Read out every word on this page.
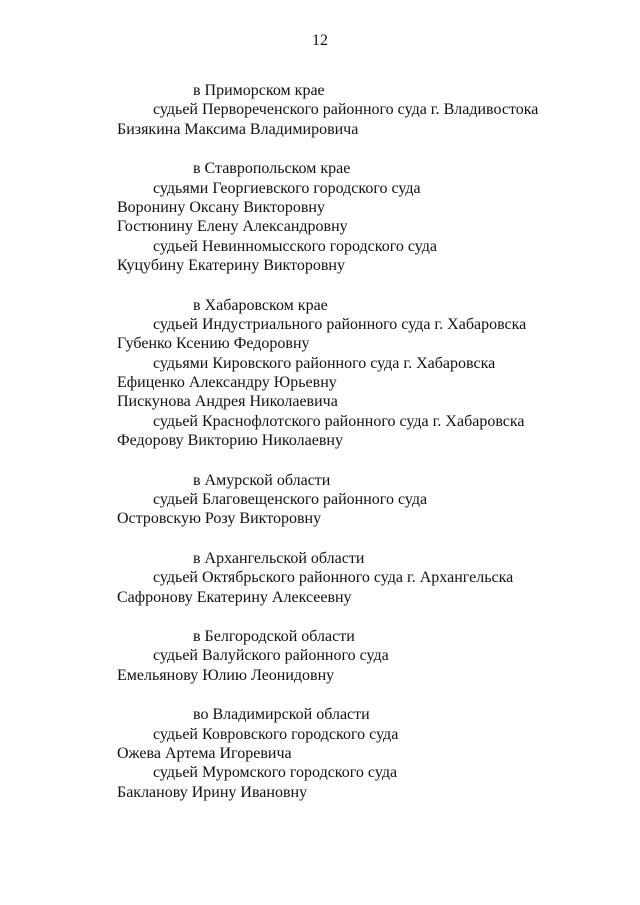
12
в Приморском крае
судьей Первореченского районного суда г. Владивостока
Бизякина Максима Владимировича
в Ставропольском крае
судьями Георгиевского городского суда
Воронину Оксану Викторовну
Гостюнину Елену Александровну
судьей Невинномысского городского суда
Куцубину Екатерину Викторовну
в Хабаровском крае
судьей Индустриального районного суда г. Хабаровска
Губенко Ксению Федоровну
судьями Кировского районного суда г. Хабаровска
Ефиценко Александру Юрьевну
Пискунова Андрея Николаевича
судьей Краснофлотского районного суда г. Хабаровска
Федорову Викторию Николаевну
в Амурской области
судьей Благовещенского районного суда
Островскую Розу Викторовну
в Архангельской области
судьей Октябрьского районного суда г. Архангельска
Сафронову Екатерину Алексеевну
в Белгородской области
судьей Валуйского районного суда
Емельянову Юлию Леонидовну
во Владимирской области
судьей Ковровского городского суда
Ожева Артема Игоревича
судьей Муромского городского суда
Бакланову Ирину Ивановну
